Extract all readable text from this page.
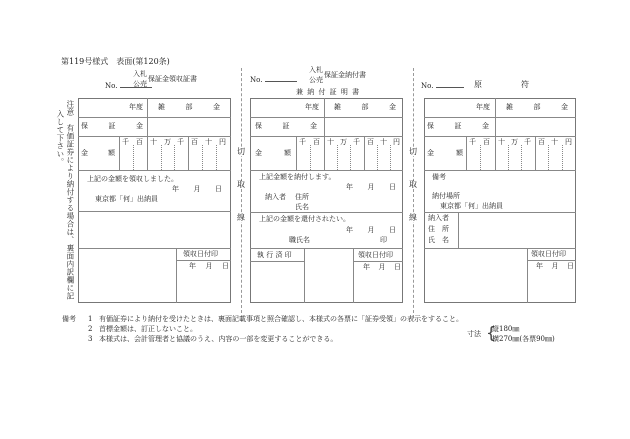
第119号様式　表面(第120条)
注意　有価証券により納付する場合は、裏面内訳欄に記
入して下さい。	切
取
線
切
取
線
No.
入札
公売
保証金領収証書
年度 雑	部	金
保	証	金
金	額
千 百 十 万 千 百 十 円
上記の金額を領収しました。
年 月 日
東京都「何」出納員
領収日付印
年 月 日
No.
入札
公売
保証金納付書
兼 納 付 証 明 書
年度 雑	部	金
保	証	金
金	額
千 百 十 万 千 百 十 円
上記金額を納付します。
年 月 日
納入者 住所
氏名
上記の金額を還付されたい。
年 月 日
職氏名	印
執 行 済 印	領収日付印
年 月 日
No.	原	符
年度 雑	部	金
保	証	金
金	額
千 百 十 万 千 百 十 円
備考
納付場所
東京都「何」出納員
納入者
住　所
氏　名
領収日付印
年 月 日
備考 1 有価証券により納付を受けたときは、裏面記載事項と照合確認し、本様式の各票に「証券受領」の表示をすること。
2 首標金額は、訂正しないこと。
3 本様式は、会計管理者と協議のうえ、内容の一部を変更することができる。
寸法 {
縦180㎜
横270㎜(各票90㎜)
